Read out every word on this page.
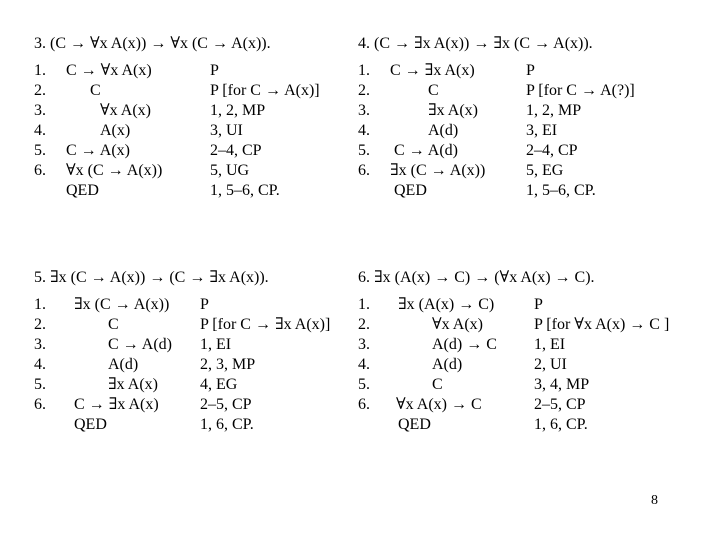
3. (C → ∀x A(x)) → ∀x (C → A(x)).
1. C → ∀x A(x)	P
2.	C	P [for C → A(x)]
3.	∀x A(x)	1, 2, MP
4.	A(x)	3, UI
5. C → A(x)	2–4, CP
6. ∀x (C → A(x))	5, UG
QED	1, 5–6, CP.
4. (C → ∃x A(x)) → ∃x (C → A(x)).
1. C → ∃x A(x)	P
2.	C	P [for C → A(?)]
3.	∃x A(x)	1, 2, MP
4.	A(d)	3, EI
5. C → A(d)	2–4, CP
6. ∃x (C → A(x))	5, EG
QED	1, 5–6, CP.
5. ∃x (C → A(x)) → (C → ∃x A(x)).
1. ∃x (C → A(x)) P
2.	C	P [for C → ∃x A(x)]
3.	C → A(d) 1, EI
4.	A(d)	2, 3, MP
5.	∃x A(x)	4, EG
6. C → ∃x A(x)	2–5, CP
QED	1, 6, CP.
6. ∃x (A(x) → C) → (∀x A(x) → C).
1. ∃x (A(x) → C) P
2.	∀x A(x)	P [for ∀x A(x) → C ]
3.	A(d) → C 1, EI
4.	A(d)	2, UI
5.	C	3, 4, MP
6. ∀x A(x) → C	2–5, CP
QED	1, 6, CP.
8
